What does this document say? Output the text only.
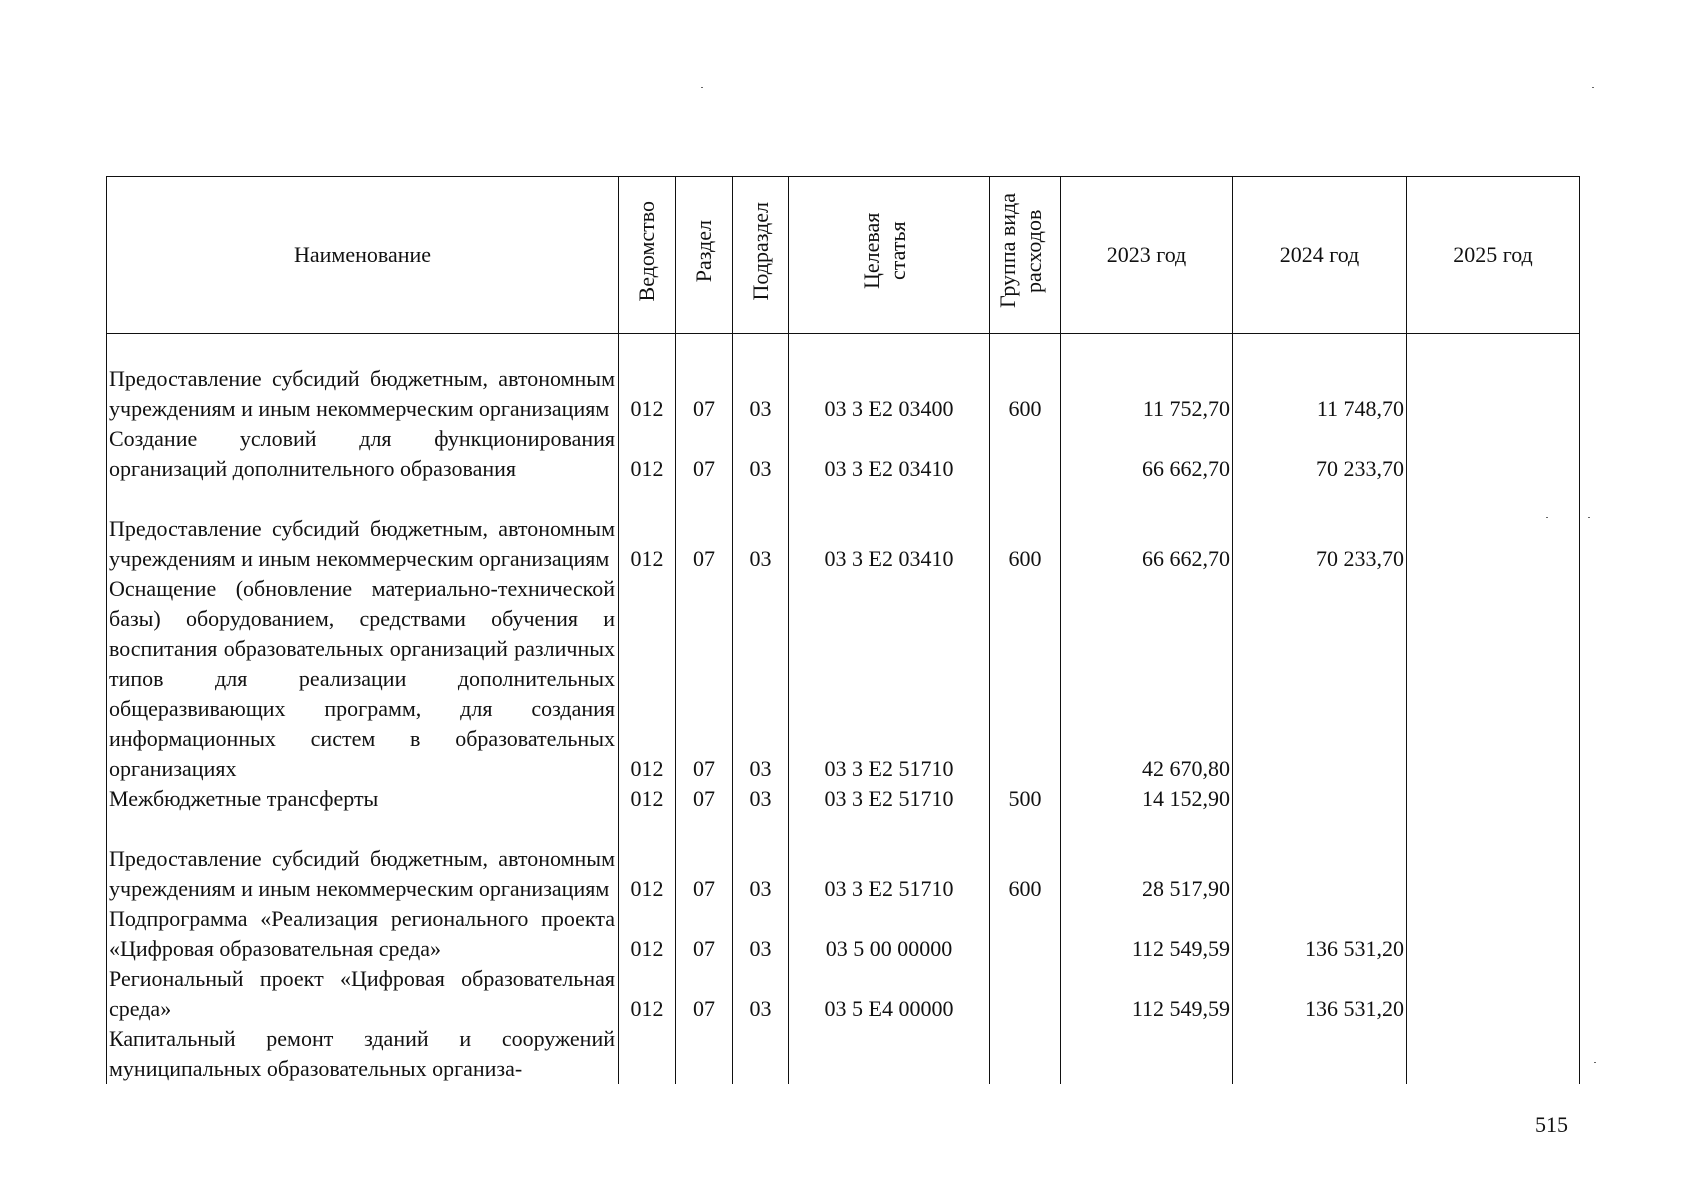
Наименование	Ведомство	Раздел	Подраздел	Целевая статья	Группа вида расходов	2023 год	2024 год	2025 год
Предоставление субсидий бюджетным, автономным учреждениям и иным некоммерческим организациям	012	07	03	03 3 Е2 03400	600	11 752,70	11 748,70	
Создание условий для функционирования организаций дополнительного образования	012	07	03	03 3 Е2 03410		66 662,70	70 233,70	
Предоставление субсидий бюджетным, автономным учреждениям и иным некоммерческим организациям	012	07	03	03 3 Е2 03410	600	66 662,70	70 233,70	
Оснащение (обновление материально-технической базы) оборудованием, средствами обучения и воспитания образовательных организаций различных типов для реализации дополнительных общеразвивающих программ, для создания информационных систем в образовательных организациях	012	07	03	03 3 Е2 51710		42 670,80		
Межбюджетные трансферты	012	07	03	03 3 Е2 51710	500	14 152,90		
Предоставление субсидий бюджетным, автономным учреждениям и иным некоммерческим организациям	012	07	03	03 3 Е2 51710	600	28 517,90		
Подпрограмма «Реализация регионального проекта «Цифровая образовательная среда»	012	07	03	03 5 00 00000		112 549,59	136 531,20	
Региональный проект «Цифровая образовательная среда»	012	07	03	03 5 Е4 00000		112 549,59	136 531,20	
Капитальный ремонт зданий и сооружений муниципальных образовательных организа-								
515
